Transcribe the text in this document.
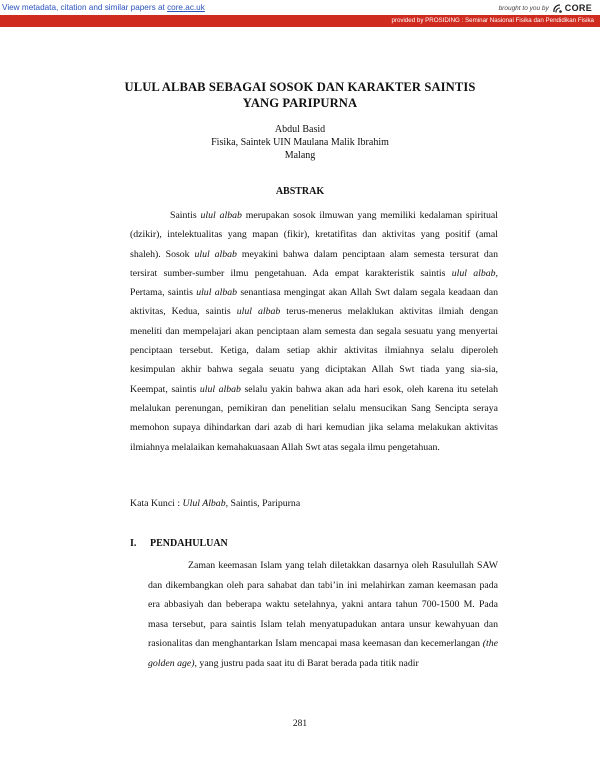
View metadata, citation and similar papers at core.ac.uk	brought to you by CORE
provided by PROSIDING : Seminar Nasional Fisika dan Pendidikan Fisika
ULUL ALBAB SEBAGAI SOSOK DAN KARAKTER SAINTIS
YANG PARIPURNA
Abdul Basid
Fisika, Saintek UIN Maulana Malik Ibrahim
Malang
ABSTRAK
Saintis ulul albab merupakan sosok ilmuwan yang memiliki kedalaman spiritual (dzikir), intelektualitas yang mapan (fikir), kretatifitas dan aktivitas yang positif (amal shaleh). Sosok ulul albab meyakini bahwa dalam penciptaan alam semesta tersurat dan tersirat sumber-sumber ilmu pengetahuan. Ada empat karakteristik saintis ulul albab, Pertama, saintis ulul albab senantiasa mengingat akan Allah Swt dalam segala keadaan dan aktivitas, Kedua, saintis ulul albab terus-menerus melaklukan aktivitas ilmiah dengan meneliti dan mempelajari akan penciptaan alam semesta dan segala sesuatu yang menyertai penciptaan tersebut. Ketiga, dalam setiap akhir aktivitas ilmiahnya selalu diperoleh kesimpulan akhir bahwa segala seuatu yang diciptakan Allah Swt tiada yang sia-sia, Keempat, saintis ulul albab selalu yakin bahwa akan ada hari esok, oleh karena itu setelah melalukan perenungan, pemikiran dan penelitian selalu mensucikan Sang Sencipta seraya memohon supaya dihindarkan dari azab di hari kemudian jika selama melakukan aktivitas ilmiahnya melalaikan kemahakuasaan Allah Swt atas segala ilmu pengetahuan.
Kata Kunci : Ulul Albab, Saintis, Paripurna
I. PENDAHULUAN
Zaman keemasan Islam yang telah diletakkan dasarnya oleh Rasulullah SAW dan dikembangkan oleh para sahabat dan tabi’in ini melahirkan zaman keemasan pada era abbasiyah dan beberapa waktu setelahnya, yakni antara tahun 700-1500 M. Pada masa tersebut, para saintis Islam telah menyatupadukan antara unsur kewahyuan dan rasionalitas dan menghantarkan Islam mencapai masa keemasan dan kecemerlangan (the golden age), yang justru pada saat itu di Barat berada pada titik nadir
281
